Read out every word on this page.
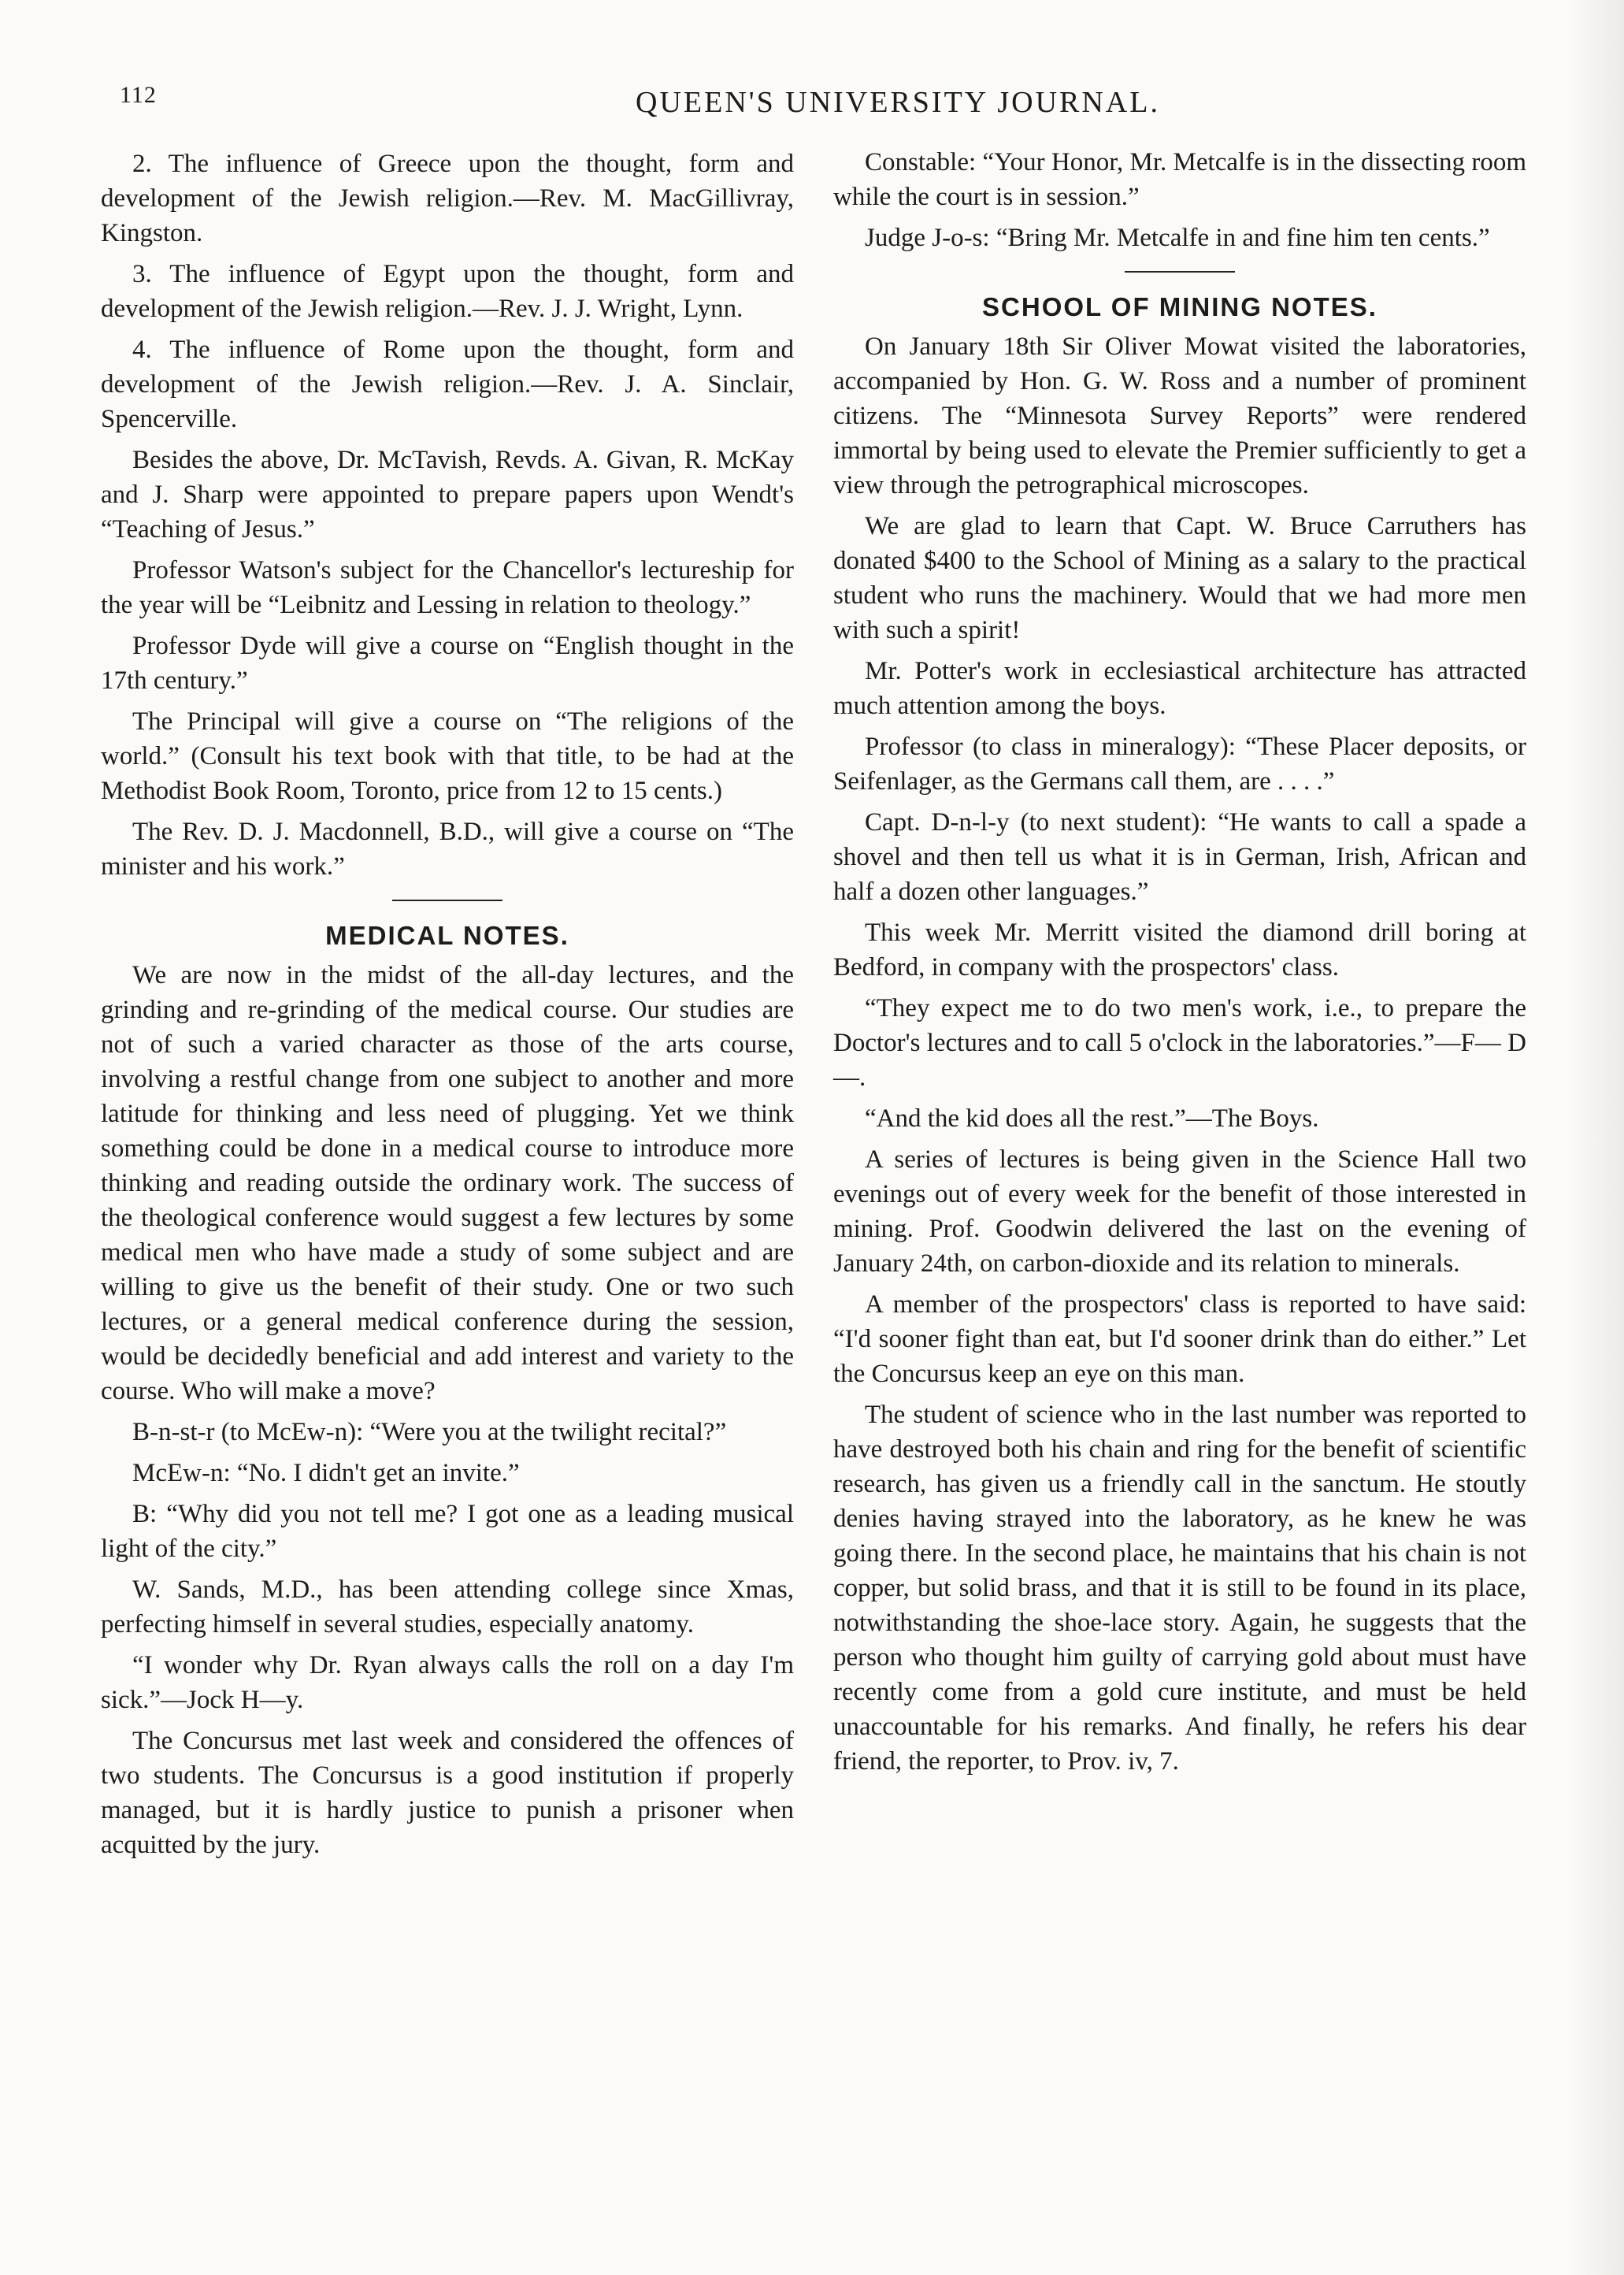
112	QUEEN'S UNIVERSITY JOURNAL.

2. The influence of Greece upon the thought, form and development of the Jewish religion.—Rev. M. MacGillivray, Kingston.

3. The influence of Egypt upon the thought, form and development of the Jewish religion.—Rev. J. J. Wright, Lynn.

4. The influence of Rome upon the thought, form and development of the Jewish religion.—Rev. J. A. Sinclair, Spencerville.

Besides the above, Dr. McTavish, Revds. A. Givan, R. McKay and J. Sharp were appointed to prepare papers upon Wendt's “Teaching of Jesus.”

Professor Watson's subject for the Chancellor's lectureship for the year will be “Leibnitz and Lessing in relation to theology.”

Professor Dyde will give a course on “English thought in the 17th century.”

The Principal will give a course on “The religions of the world.” (Consult his text book with that title, to be had at the Methodist Book Room, Toronto, price from 12 to 15 cents.)

The Rev. D. J. Macdonnell, B.D., will give a course on “The minister and his work.”

MEDICAL NOTES.

We are now in the midst of the all-day lectures, and the grinding and re-grinding of the medical course. Our studies are not of such a varied character as those of the arts course, involving a restful change from one subject to another and more latitude for thinking and less need of plugging. Yet we think something could be done in a medical course to introduce more thinking and reading outside the ordinary work. The success of the theological conference would suggest a few lectures by some medical men who have made a study of some subject and are willing to give us the benefit of their study. One or two such lectures, or a general medical conference during the session, would be decidedly beneficial and add interest and variety to the course. Who will make a move?

B-n-st-r (to McEw-n): “Were you at the twilight recital?”

McEw-n: “No. I didn't get an invite.”

B: “Why did you not tell me? I got one as a leading musical light of the city.”

W. Sands, M.D., has been attending college since Xmas, perfecting himself in several studies, especially anatomy.

“I wonder why Dr. Ryan always calls the roll on a day I'm sick.”—Jock H—y.

The Concursus met last week and considered the offences of two students. The Concursus is a good institution if properly managed, but it is hardly justice to punish a prisoner when acquitted by the jury.

Constable: “Your Honor, Mr. Metcalfe is in the dissecting room while the court is in session.”

Judge J-o-s: “Bring Mr. Metcalfe in and fine him ten cents.”

SCHOOL OF MINING NOTES.

On January 18th Sir Oliver Mowat visited the laboratories, accompanied by Hon. G. W. Ross and a number of prominent citizens. The “Minnesota Survey Reports” were rendered immortal by being used to elevate the Premier sufficiently to get a view through the petrographical microscopes.

We are glad to learn that Capt. W. Bruce Carruthers has donated $400 to the School of Mining as a salary to the practical student who runs the machinery. Would that we had more men with such a spirit!

Mr. Potter's work in ecclesiastical architecture has attracted much attention among the boys.

Professor (to class in mineralogy): “These Placer deposits, or Seifenlager, as the Germans call them, are . . . .”

Capt. D-n-l-y (to next student): “He wants to call a spade a shovel and then tell us what it is in German, Irish, African and half a dozen other languages.”

This week Mr. Merritt visited the diamond drill boring at Bedford, in company with the prospectors' class.

“They expect me to do two men's work, i.e., to prepare the Doctor's lectures and to call 5 o'clock in the laboratories.”—F— D—.

“And the kid does all the rest.”—The Boys.

A series of lectures is being given in the Science Hall two evenings out of every week for the benefit of those interested in mining. Prof. Goodwin delivered the last on the evening of January 24th, on carbon-dioxide and its relation to minerals.

A member of the prospectors' class is reported to have said: “I'd sooner fight than eat, but I'd sooner drink than do either.” Let the Concursus keep an eye on this man.

The student of science who in the last number was reported to have destroyed both his chain and ring for the benefit of scientific research, has given us a friendly call in the sanctum. He stoutly denies having strayed into the laboratory, as he knew he was going there. In the second place, he maintains that his chain is not copper, but solid brass, and that it is still to be found in its place, notwithstanding the shoe-lace story. Again, he suggests that the person who thought him guilty of carrying gold about must have recently come from a gold cure institute, and must be held unaccountable for his remarks. And finally, he refers his dear friend, the reporter, to Prov. iv, 7.
